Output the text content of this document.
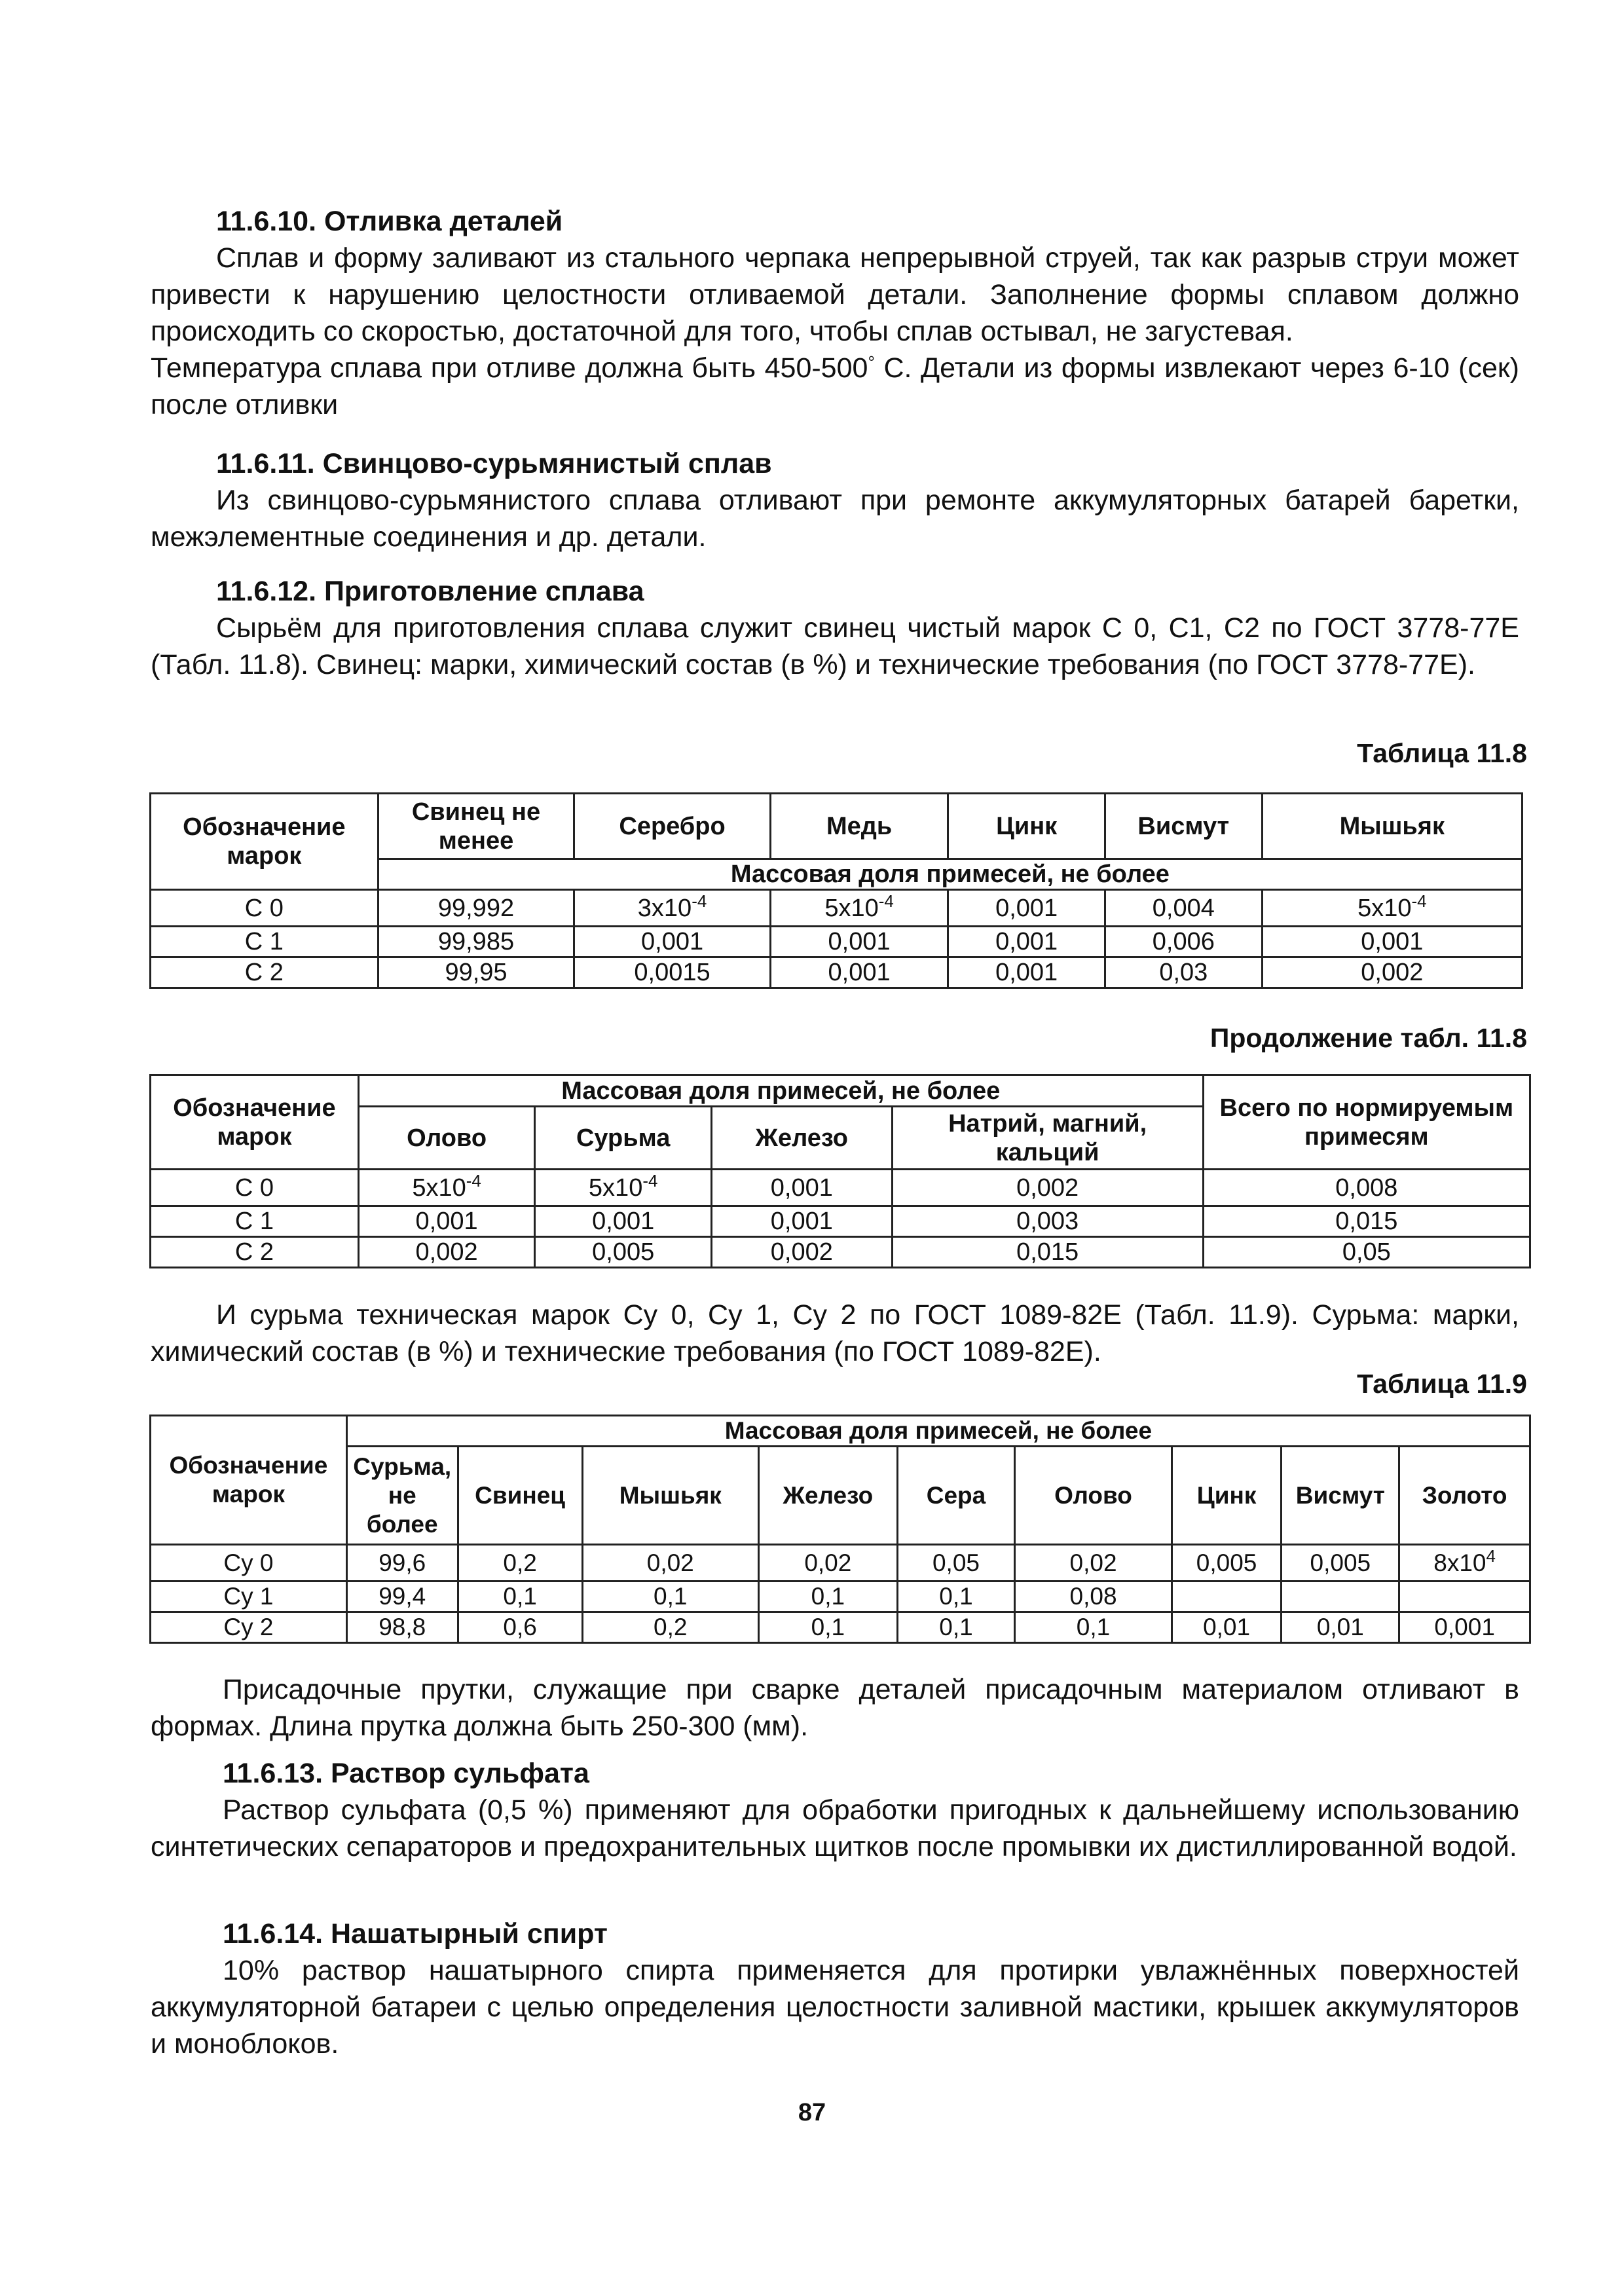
11.6.10. Отливка деталей

Сплав и форму заливают из стального черпака непрерывной струей, так как разрыв струи может привести к нарушению целостности отливаемой детали. Заполнение формы сплавом должно происходить со скоростью, достаточной для того, чтобы сплав остывал, не загустевая.

Температура сплава при отливе должна быть 450-500° С. Детали из формы извлекают через 6-10 (сек) после отливки

11.6.11. Свинцово-сурьмянистый сплав

Из свинцово-сурьмянистого сплава отливают при ремонте аккумуляторных батарей баретки, межэлементные соединения и др. детали.

11.6.12. Приготовление сплава

Сырьём для приготовления сплава служит свинец чистый марок С 0, С1, С2 по ГОСТ 3778-77Е (Табл. 11.8). Свинец: марки, химический состав (в %) и технические требования (по ГОСТ 3778-77Е).

Таблица 11.8
Обозначение марок	Свинец не менее	Серебро	Медь	Цинк	Висмут	Мышьяк
	Массовая доля примесей, не более					
С 0	99,992	$3x10^{-4}$	$5x10^{-4}$	0,001	0,004	$5x10^{-4}$
С 1	99,985	0,001	0,001	0,001	0,006	0,001
С 2	99,95	0,0015	0,001	0,001	0,03	0,002
Продолжение табл. 11.8
Обозначение марок	Массовая доля примесей, не более				Всего по нормируемым примесям
	Олово	Сурьма	Железо	Натрий, магний, кальций	
С 0	$5x10^{-4}$	$5x10^{-4}$	0,001	0,002	0,008
С 1	0,001	0,001	0,001	0,003	0,015
С 2	0,002	0,005	0,002	0,015	0,05

И сурьма техническая марок Су 0, Су 1, Су 2 по ГОСТ 1089-82Е (Табл. 11.9). Сурьма: марки, химический состав (в %) и технические требования (по ГОСТ 1089-82Е).

Таблица 11.9
Обозначение марок	Массовая доля примесей, не более								
	Сурьма, не более	Свинец	Мышьяк	Железо	Сера	Олово	Цинк	Висмут	Золото
Су 0	99,6	0,2	0,02	0,02	0,05	0,02	0,005	0,005	$8x10^4$
Су 1	99,4	0,1	0,1	0,1	0,1	0,08			
Су 2	98,8	0,6	0,2	0,1	0,1	0,1	0,01	0,01	0,001

Присадочные прутки, служащие при сварке деталей присадочным материалом отливают в формах. Длина прутка должна быть 250-300 (мм).

11.6.13. Раствор сульфата

Раствор сульфата (0,5 %) применяют для обработки пригодных к дальнейшему использованию синтетических сепараторов и предохранительных щитков после промывки их дистиллированной водой.

11.6.14. Нашатырный спирт

10% раствор нашатырного спирта применяется для протирки увлажнённых поверхностей аккумуляторной батареи с целью определения целостности заливной мастики, крышек аккумуляторов и моноблоков.

87
